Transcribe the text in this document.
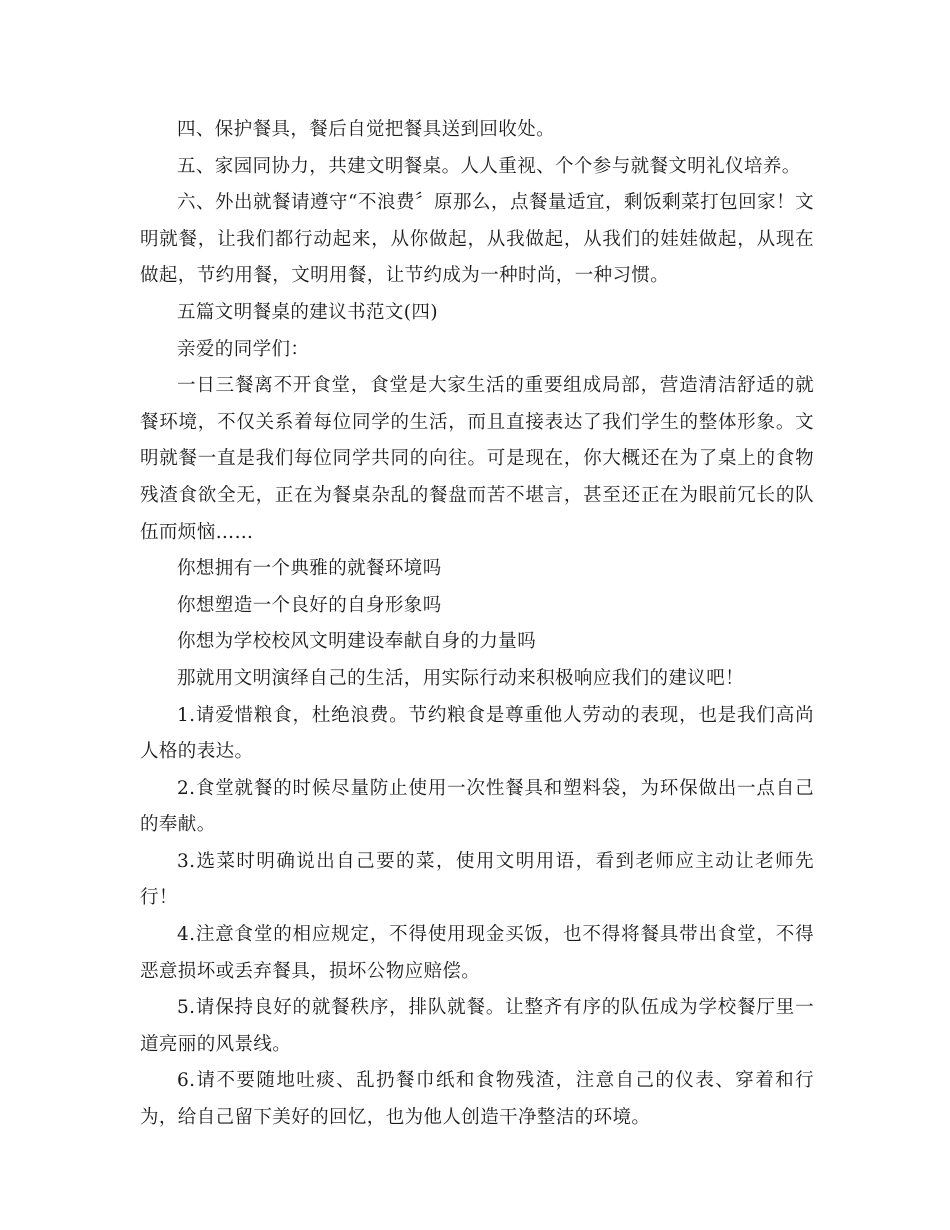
四、保护餐具，餐后自觉把餐具送到回收处。

五、家园同协力，共建文明餐桌。人人重视、个个参与就餐文明礼仪培养。

六、外出就餐请遵守“不浪费〞原那么，点餐量适宜，剩饭剩菜打包回家！文明就餐，让我们都行动起来，从你做起，从我做起，从我们的娃娃做起，从现在做起，节约用餐，文明用餐，让节约成为一种时尚，一种习惯。

五篇文明餐桌的建议书范文(四)

亲爱的同学们：

一日三餐离不开食堂，食堂是大家生活的重要组成局部，营造清洁舒适的就餐环境，不仅关系着每位同学的生活，而且直接表达了我们学生的整体形象。文明就餐一直是我们每位同学共同的向往。可是现在，你大概还在为了桌上的食物残渣食欲全无，正在为餐桌杂乱的餐盘而苦不堪言，甚至还正在为眼前冗长的队伍而烦恼……

你想拥有一个典雅的就餐环境吗

你想塑造一个良好的自身形象吗

你想为学校校风文明建设奉献自身的力量吗

那就用文明演绎自己的生活，用实际行动来积极响应我们的建议吧！

1.请爱惜粮食，杜绝浪费。节约粮食是尊重他人劳动的表现，也是我们高尚人格的表达。

2.食堂就餐的时候尽量防止使用一次性餐具和塑料袋，为环保做出一点自己的奉献。

3.选菜时明确说出自己要的菜，使用文明用语，看到老师应主动让老师先行！

4.注意食堂的相应规定，不得使用现金买饭，也不得将餐具带出食堂，不得恶意损坏或丢弃餐具，损坏公物应赔偿。

5.请保持良好的就餐秩序，排队就餐。让整齐有序的队伍成为学校餐厅里一道亮丽的风景线。

6.请不要随地吐痰、乱扔餐巾纸和食物残渣，注意自己的仪表、穿着和行为，给自己留下美好的回忆，也为他人创造干净整洁的环境。
